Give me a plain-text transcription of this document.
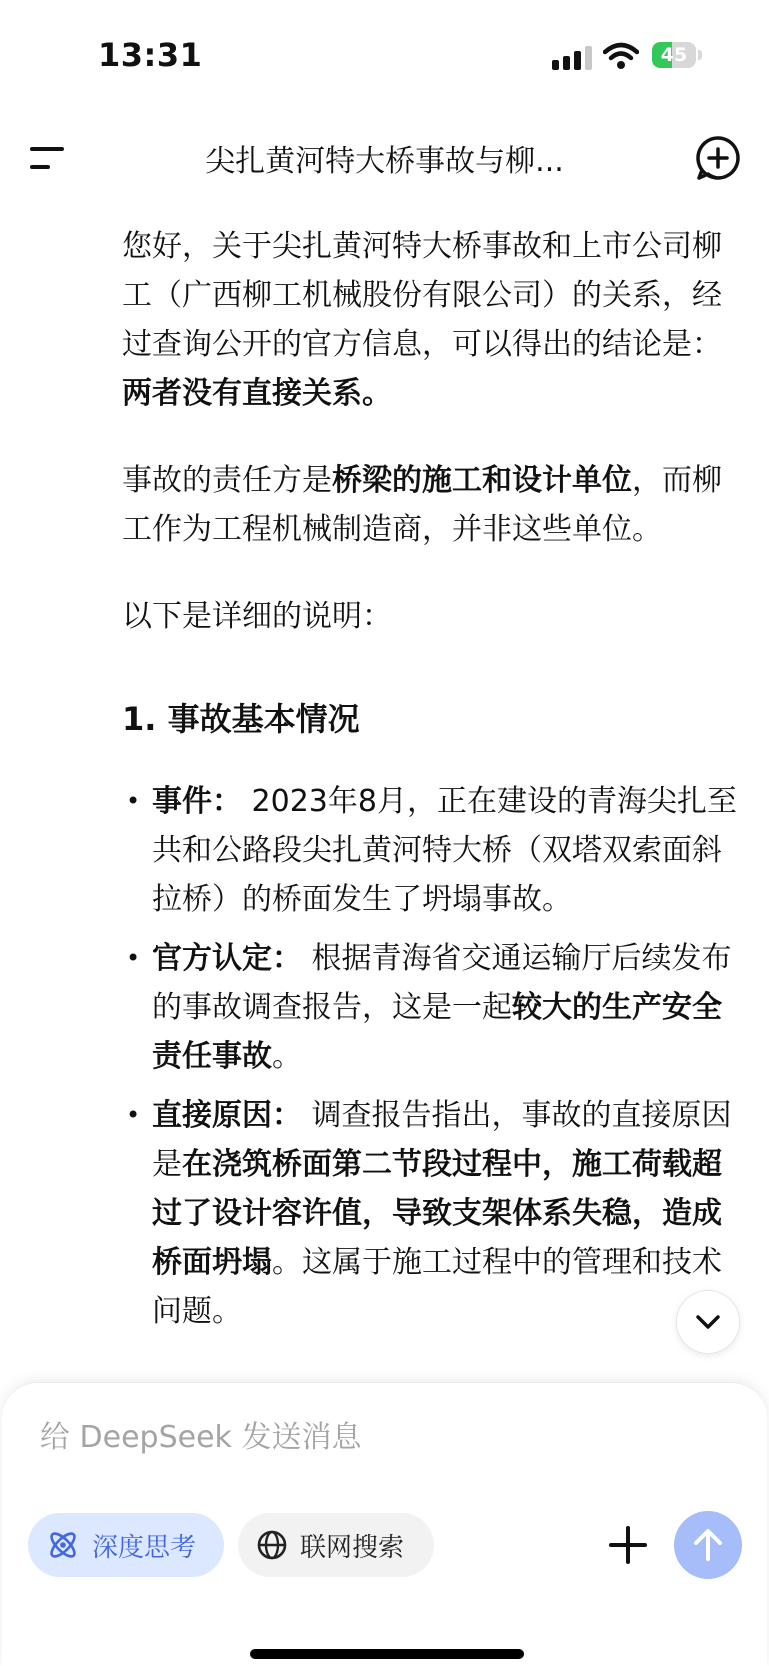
13:31	45
尖扎黄河特大桥事故与柳...

您好，关于尖扎黄河特大桥事故和上市公司柳工（广西柳工机械股份有限公司）的关系，经过查询公开的官方信息，可以得出的结论是：两者没有直接关系。

事故的责任方是桥梁的施工和设计单位，而柳工作为工程机械制造商，并非这些单位。

以下是详细的说明：

1. 事故基本情况
• 事件： 2023年8月，正在建设的青海尖扎至共和公路段尖扎黄河特大桥（双塔双索面斜拉桥）的桥面发生了坍塌事故。
• 官方认定： 根据青海省交通运输厅后续发布的事故调查报告，这是一起较大的生产安全责任事故。
• 直接原因： 调查报告指出，事故的直接原因是在浇筑桥面第二节段过程中，施工荷载超过了设计容许值，导致支架体系失稳，造成桥面坍塌。这属于施工过程中的管理和技术问题。
给 DeepSeek 发送消息
深度思考	联网搜索
